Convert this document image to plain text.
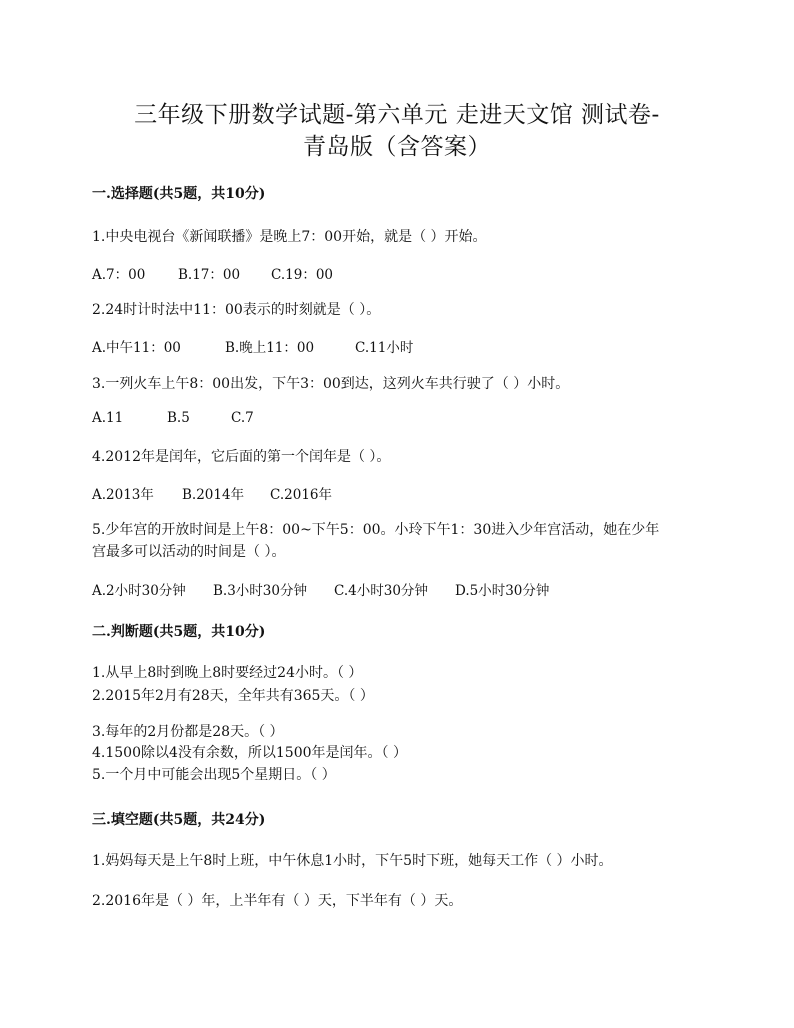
三年级下册数学试题-第六单元 走进天文馆 测试卷-
青岛版（含答案）
一.选择题(共5题，共10分)
1.中央电视台《新闻联播》是晚上7：00开始，就是（ ）开始。
A.7：00 B.17：00 C.19：00
2.24时计时法中11：00表示的时刻就是（ ）。
A.中午11：00	B.晚上11：00	C.11小时
3.一列火车上午8：00出发，下午3：00到达，这列火车共行驶了（ ）小时。
A.11	B.5	C.7
4.2012年是闰年，它后面的第一个闰年是（ ）。
A.2013年 B.2014年 C.2016年
5.少年宫的开放时间是上午8：00~下午5：00。小玲下午1：30进入少年宫活动，她在少年
宫最多可以活动的时间是（ ）。
A.2小时30分钟 B.3小时30分钟 C.4小时30分钟 D.5小时30分钟
二.判断题(共5题，共10分)
1.从早上8时到晚上8时要经过24小时。（ ）
2.2015年2月有28天，全年共有365天。（ ）
3.每年的2月份都是28天。（ ）
4.1500除以4没有余数，所以1500年是闰年。（ ）
5.一个月中可能会出现5个星期日。（ ）
三.填空题(共5题，共24分)
1.妈妈每天是上午8时上班，中午休息1小时，下午5时下班，她每天工作（ ）小时。
2.2016年是（ ）年，上半年有（ ）天，下半年有（ ）天。
